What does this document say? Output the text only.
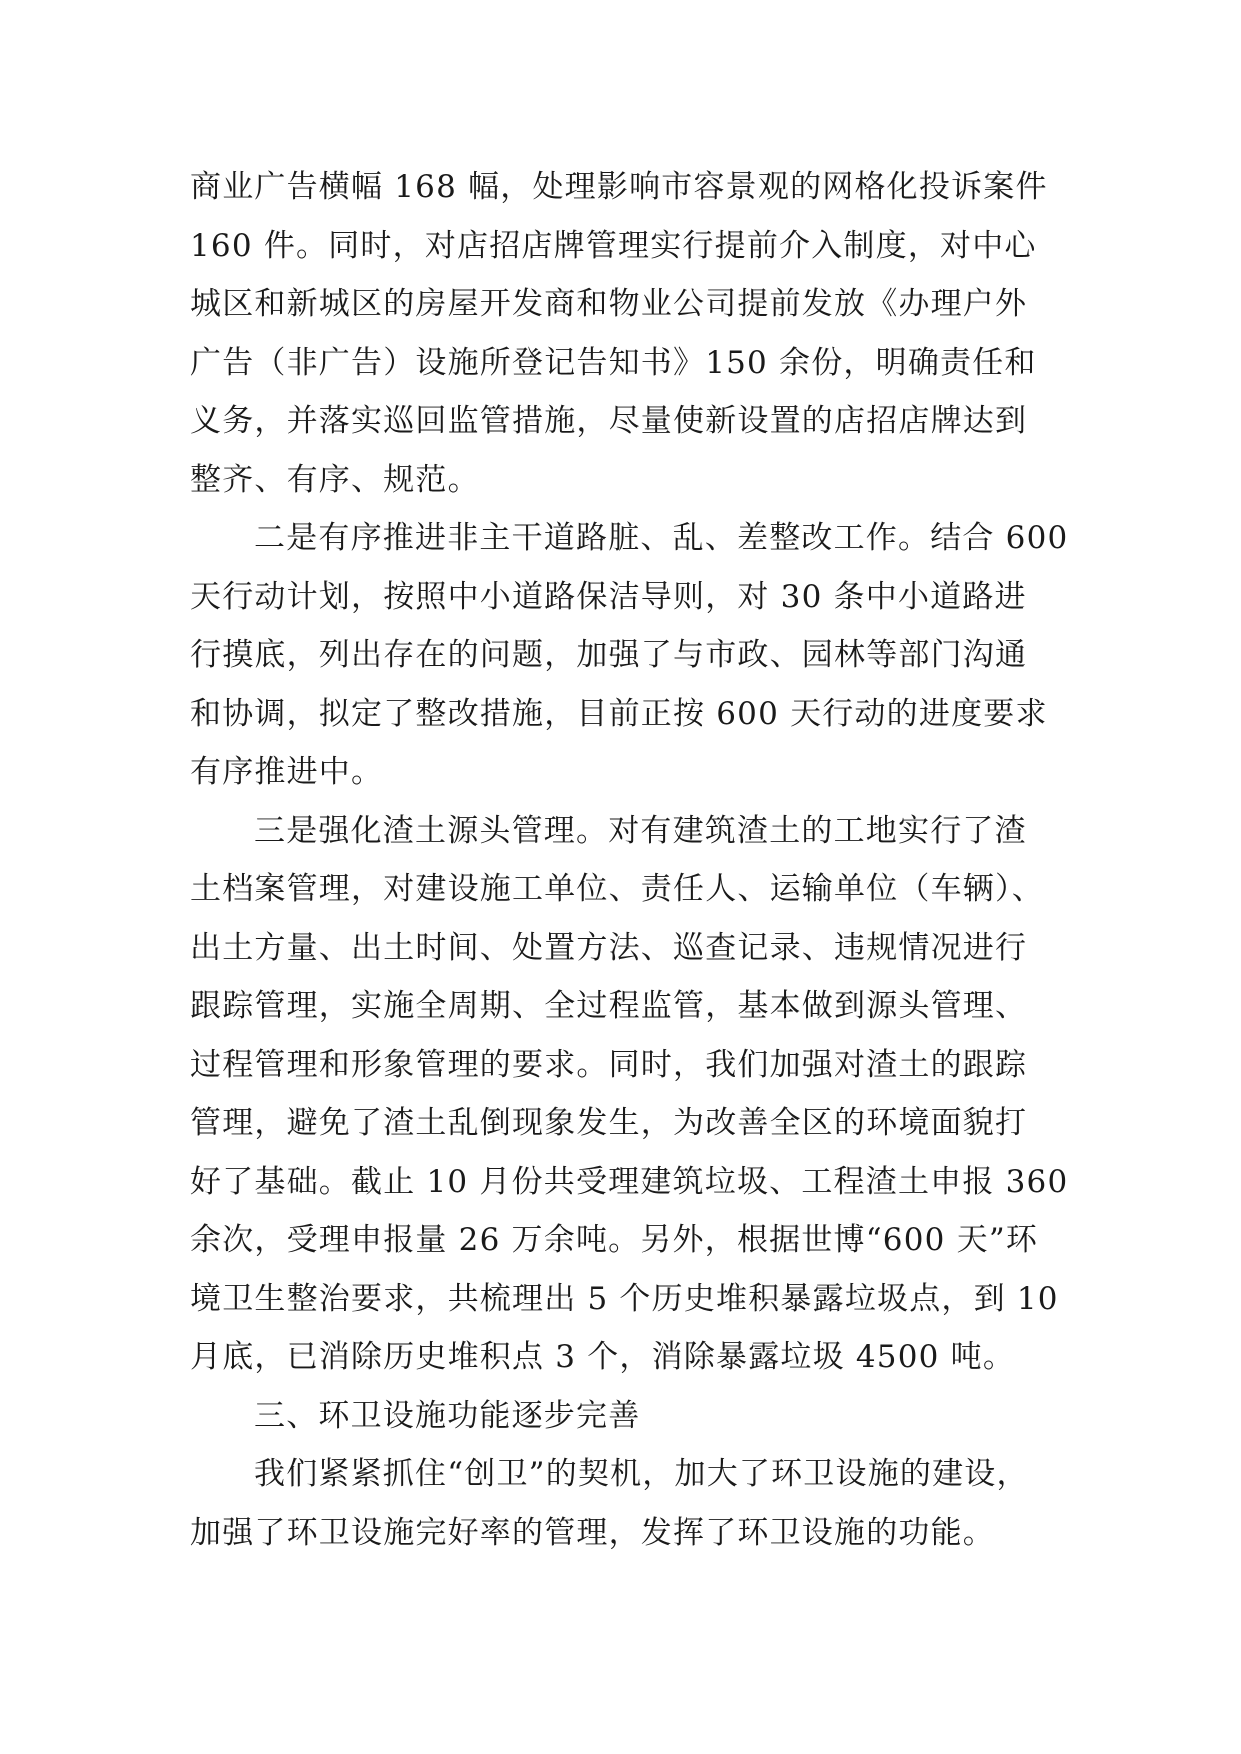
商业广告横幅 168 幅，处理影响市容景观的网格化投诉案件
160 件。同时，对店招店牌管理实行提前介入制度，对中心
城区和新城区的房屋开发商和物业公司提前发放《办理户外
广告（非广告）设施所登记告知书》150 余份，明确责任和
义务，并落实巡回监管措施，尽量使新设置的店招店牌达到
整齐、有序、规范。
二是有序推进非主干道路脏、乱、差整改工作。结合 600
天行动计划，按照中小道路保洁导则，对 30 条中小道路进
行摸底，列出存在的问题，加强了与市政、园林等部门沟通
和协调，拟定了整改措施，目前正按 600 天行动的进度要求
有序推进中。
三是强化渣土源头管理。对有建筑渣土的工地实行了渣
土档案管理，对建设施工单位、责任人、运输单位（车辆）、
出土方量、出土时间、处置方法、巡查记录、违规情况进行
跟踪管理，实施全周期、全过程监管，基本做到源头管理、
过程管理和形象管理的要求。同时，我们加强对渣土的跟踪
管理，避免了渣土乱倒现象发生，为改善全区的环境面貌打
好了基础。截止 10 月份共受理建筑垃圾、工程渣土申报 360
余次，受理申报量 26 万余吨。另外，根据世博“600 天”环
境卫生整治要求，共梳理出 5 个历史堆积暴露垃圾点，到 10
月底，已消除历史堆积点 3 个，消除暴露垃圾 4500 吨。
三、环卫设施功能逐步完善
我们紧紧抓住“创卫”的契机，加大了环卫设施的建设，
加强了环卫设施完好率的管理，发挥了环卫设施的功能。
